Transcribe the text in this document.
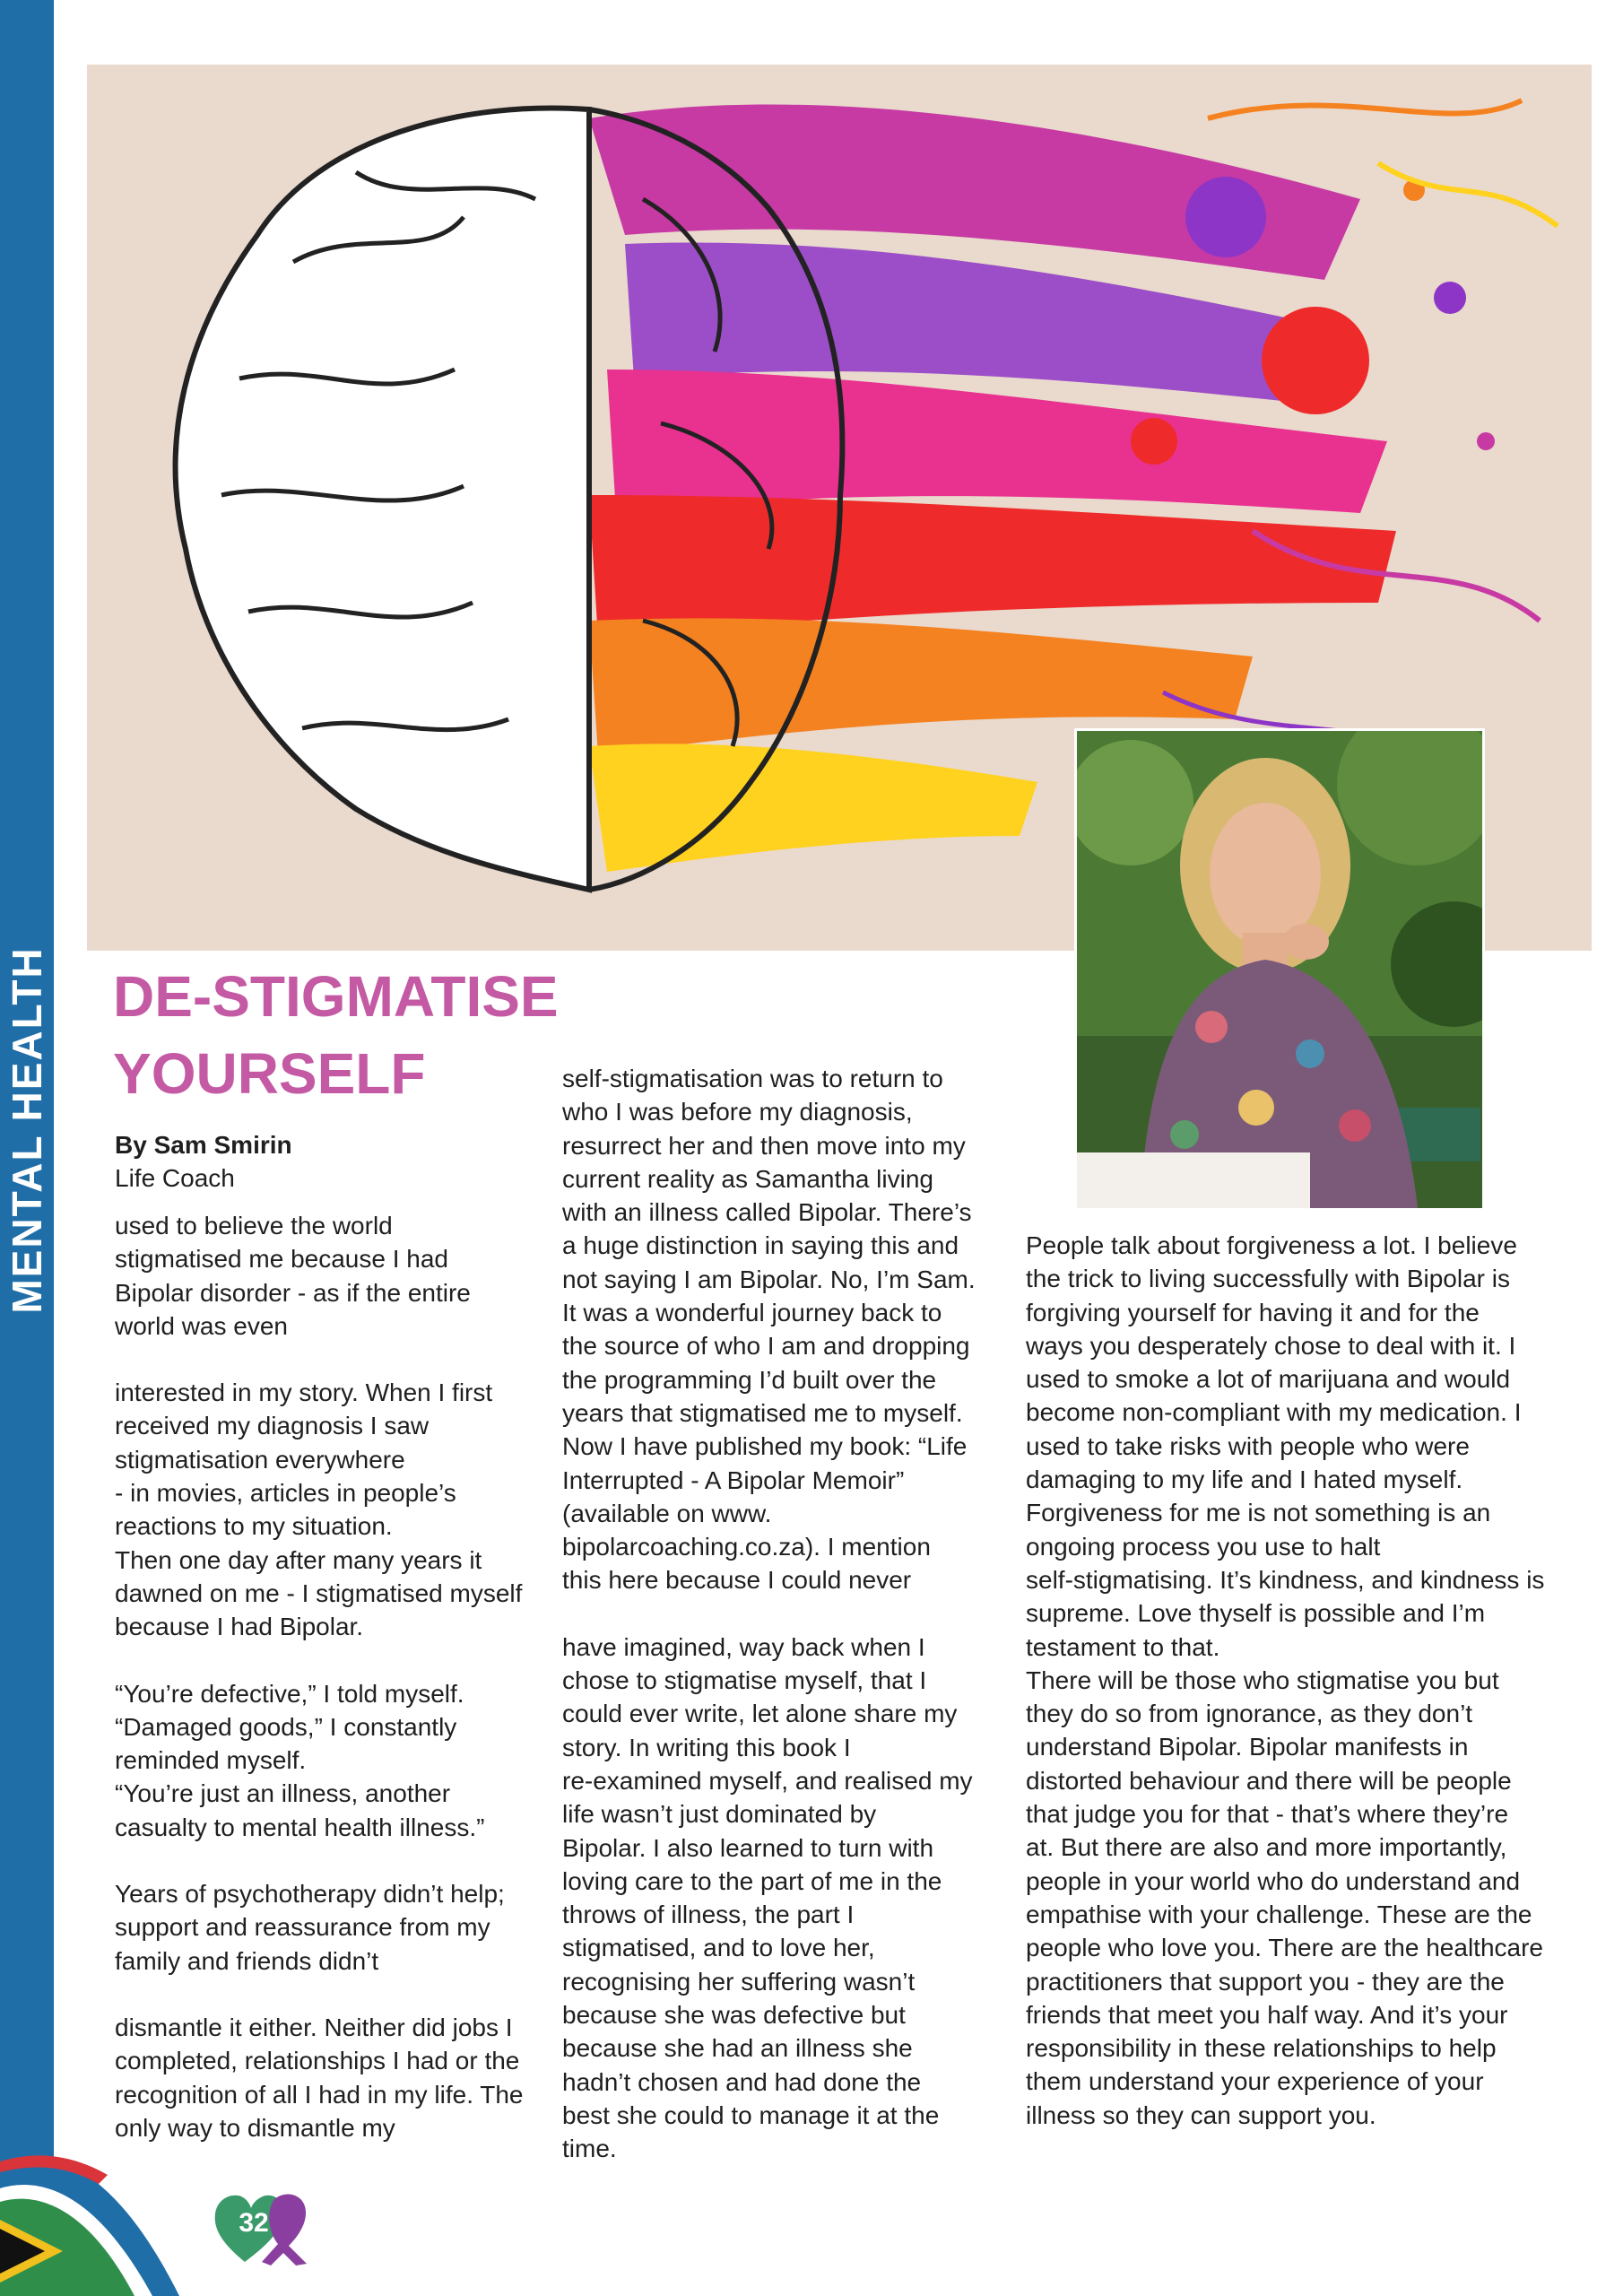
MENTAL HEALTH DE-STIGMATISE
YOURSELF
By Sam Smirin
Life Coach

used to believe the world
stigmatised me because I had
Bipolar disorder - as if the entire
world was even

interested in my story. When I first
received my diagnosis I saw
stigmatisation everywhere
- in movies, articles in people’s
reactions to my situation.
Then one day after many years it
dawned on me - I stigmatised myself
because I had Bipolar.

“You’re defective,” I told myself.
“Damaged goods,” I constantly
reminded myself.
“You’re just an illness, another
casualty to mental health illness.”

Years of psychotherapy didn’t help;
support and reassurance from my
family and friends didn’t

dismantle it either. Neither did jobs I
completed, relationships I had or the
recognition of all I had in my life. The
only way to dismantle my

self-stigmatisation was to return to
who I was before my diagnosis,
resurrect her and then move into my
current reality as Samantha living
with an illness called Bipolar. There’s
a huge distinction in saying this and
not saying I am Bipolar. No, I’m Sam.
It was a wonderful journey back to
the source of who I am and dropping
the programming I’d built over the
years that stigmatised me to myself.
Now I have published my book: “Life
Interrupted - A Bipolar Memoir”
(available on www.
bipolarcoaching.co.za). I mention
this here because I could never

have imagined, way back when I
chose to stigmatise myself, that I
could ever write, let alone share my
story. In writing this book I
re-examined myself, and realised my
life wasn’t just dominated by
Bipolar. I also learned to turn with
loving care to the part of me in the
throws of illness, the part I
stigmatised, and to love her,
recognising her suffering wasn’t
because she was defective but
because she had an illness she
hadn’t chosen and had done the
best she could to manage it at the
time.

People talk about forgiveness a lot. I believe
the trick to living successfully with Bipolar is
forgiving yourself for having it and for the
ways you desperately chose to deal with it. I
used to smoke a lot of marijuana and would
become non-compliant with my medication. I
used to take risks with people who were
damaging to my life and I hated myself.
Forgiveness for me is not something is an
ongoing process you use to halt
self-stigmatising. It’s kindness, and kindness is
supreme. Love thyself is possible and I’m
testament to that.
There will be those who stigmatise you but
they do so from ignorance, as they don’t
understand Bipolar. Bipolar manifests in
distorted behaviour and there will be people
that judge you for that - that’s where they’re
at. But there are also and more importantly,
people in your world who do understand and
empathise with your challenge. These are the
people who love you. There are the healthcare
practitioners that support you - they are the
friends that meet you half way. And it’s your
responsibility in these relationships to help
them understand your experience of your
illness so they can support you.

32
